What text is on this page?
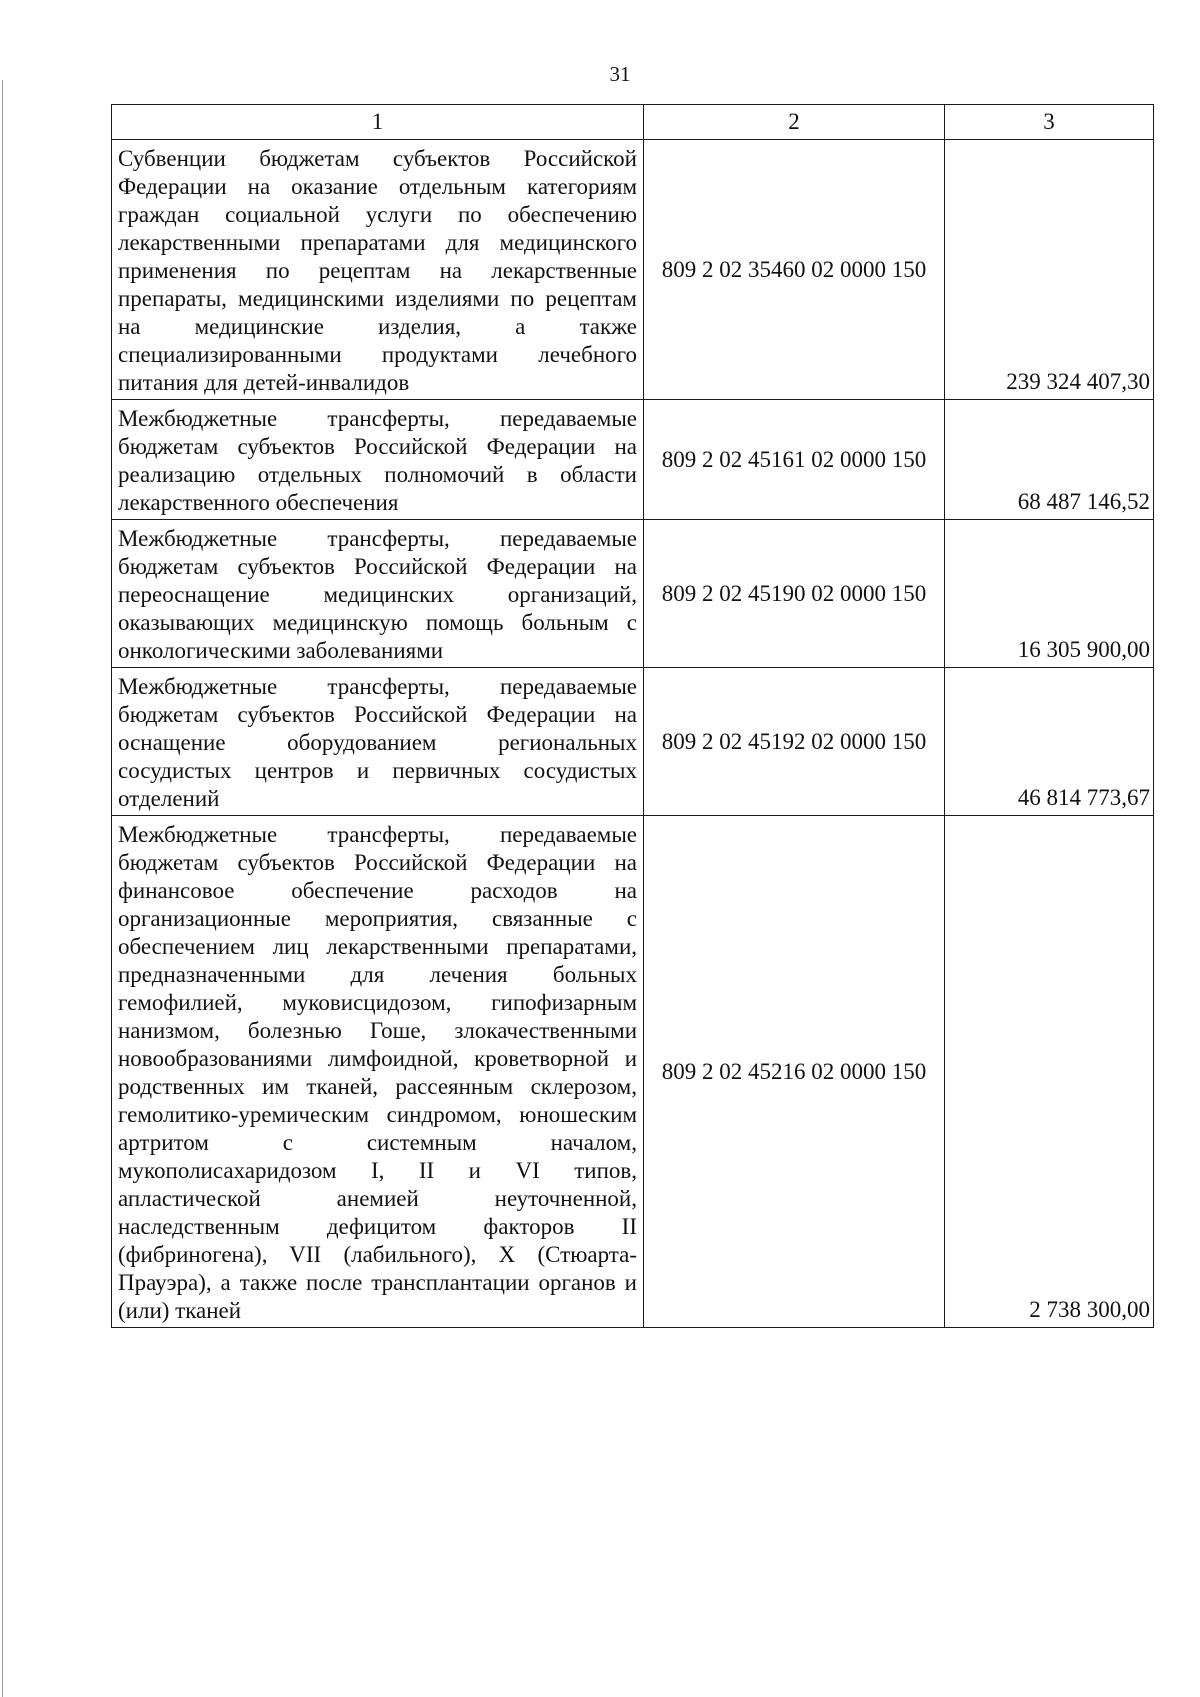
31
1	2	3
Субвенции бюджетам субъектов Российской Федерации на оказание отдельным категориям граждан социальной услуги по обеспечению лекарственными препаратами для медицинского применения по рецептам на лекарственные препараты, медицинскими изделиями по рецептам на медицинские изделия, а также специализированными продуктами лечебного питания для детей-инвалидов	809 2 02 35460 02 0000 150	239 324 407,30
Межбюджетные трансферты, передаваемые бюджетам субъектов Российской Федерации на реализацию отдельных полномочий в области лекарственного обеспечения	809 2 02 45161 02 0000 150	68 487 146,52
Межбюджетные трансферты, передаваемые бюджетам субъектов Российской Федерации на переоснащение медицинских организаций, оказывающих медицинскую помощь больным с онкологическими заболеваниями	809 2 02 45190 02 0000 150	16 305 900,00
Межбюджетные трансферты, передаваемые бюджетам субъектов Российской Федерации на оснащение оборудованием региональных сосудистых центров и первичных сосудистых отделений	809 2 02 45192 02 0000 150	46 814 773,67
Межбюджетные трансферты, передаваемые бюджетам субъектов Российской Федерации на финансовое обеспечение расходов на организационные мероприятия, связанные с обеспечением лиц лекарственными препаратами, предназначенными для лечения больных гемофилией, муковисцидозом, гипофизарным нанизмом, болезнью Гоше, злокачественными новообразованиями лимфоидной, кроветворной и родственных им тканей, рассеянным склерозом, гемолитико-уремическим синдромом, юношеским артритом с системным началом, мукополисахаридозом I, II и VI типов, апластической анемией неуточненной, наследственным дефицитом факторов II (фибриногена), VII (лабильного), X (Стюарта-Прауэра), а также после трансплантации органов и (или) тканей	809 2 02 45216 02 0000 150	2 738 300,00
